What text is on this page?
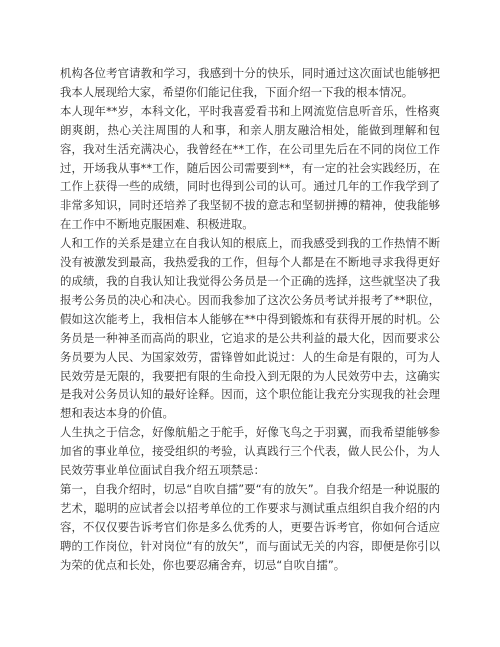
机构各位考官请教和学习，我感到十分的快乐，同时通过这次面试也能够把我本人展现给大家，希望你们能记住我，下面介绍一下我的根本情况。

本人现年**岁，本科文化，平时我喜爱看书和上网流览信息听音乐，性格爽朗爽朗，热心关注周围的人和事，和亲人朋友融洽相处，能做到理解和包容，我对生活充满决心，我曾经在**工作，在公司里先后在不同的岗位工作过，开场我从事**工作，随后因公司需要到**，有一定的社会实践经历，在工作上获得一些的成绩，同时也得到公司的认可。通过几年的工作我学到了非常多知识，同时还培养了我坚韧不拔的意志和坚韧拼搏的精神，使我能够在工作中不断地克服困难、积极进取。

人和工作的关系是建立在自我认知的根底上，而我感受到我的工作热情不断没有被激发到最高，我热爱我的工作，但每个人都是在不断地寻求我得更好的成绩，我的自我认知让我觉得公务员是一个正确的选择，这些就坚决了我报考公务员的决心和决心。因而我参加了这次公务员考试并报考了**职位，假如这次能考上，我相信本人能够在**中得到锻炼和有获得开展的时机。公务员是一种神圣而高尚的职业，它追求的是公共利益的最大化，因而要求公务员要为人民、为国家效劳，雷锋曾如此说过：人的生命是有限的，可为人民效劳是无限的，我要把有限的生命投入到无限的为人民效劳中去，这确实是我对公务员认知的最好诠释。因而，这个职位能让我充分实现我的社会理想和表达本身的价值。

人生执之于信念，好像航船之于舵手，好像飞鸟之于羽翼，而我希望能够参加省的事业单位，接受组织的考验，认真践行三个代表，做人民公仆，为人民效劳事业单位面试自我介绍五项禁忌：

第一，自我介绍时，切忌“自吹自擂”要“有的放矢”。自我介绍是一种说服的艺术，聪明的应试者会以招考单位的工作要求与测试重点组织自我介绍的内容，不仅仅要告诉考官们你是多么优秀的人，更要告诉考官，你如何合适应聘的工作岗位，针对岗位“有的放矢”，而与面试无关的内容，即便是你引以为荣的优点和长处，你也要忍痛舍弃，切忌“自吹自擂”。
